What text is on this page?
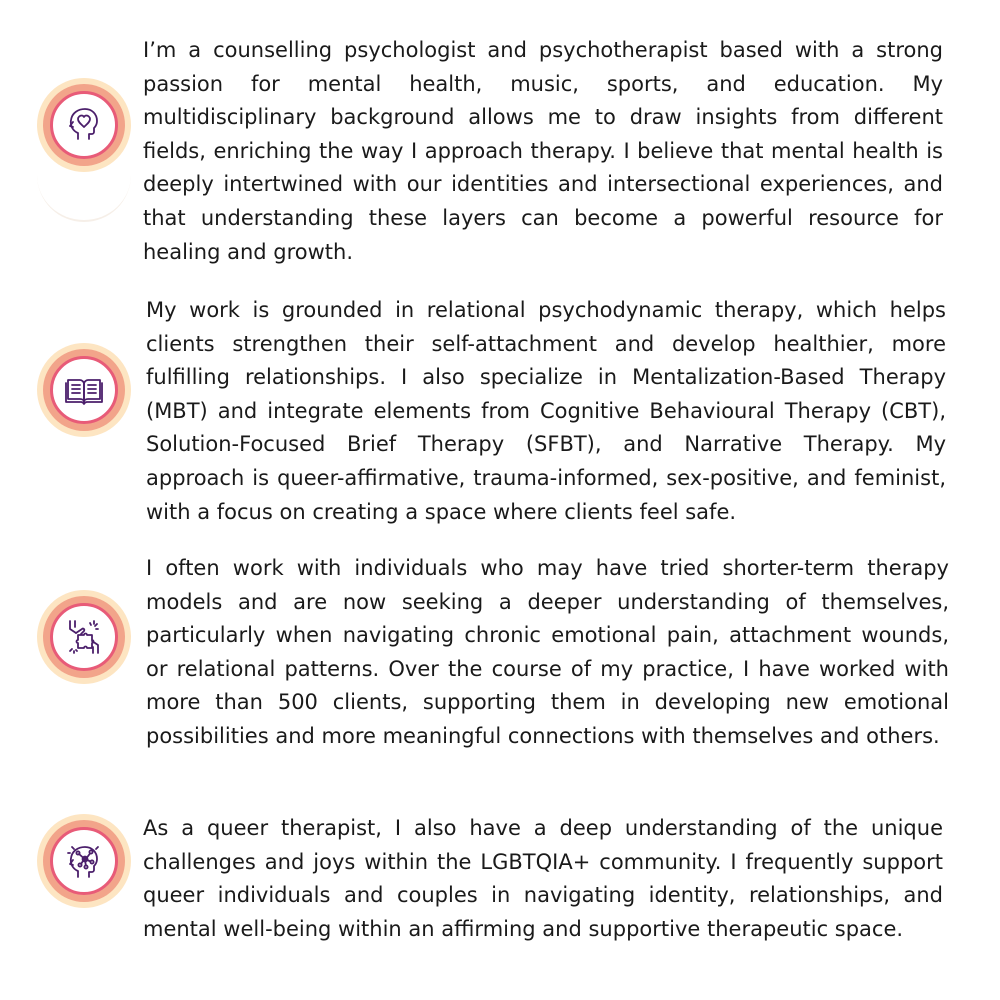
I’m a counselling psychologist and psychotherapist based with a strong passion for mental health, music, sports, and education. My multidisciplinary background allows me to draw insights from different fields, enriching the way I approach therapy. I believe that mental health is deeply intertwined with our identities and intersectional experiences, and that understanding these layers can become a powerful resource for healing and growth.

My work is grounded in relational psychodynamic therapy, which helps clients strengthen their self-attachment and develop healthier, more fulfilling relationships. I also specialize in Mentalization-Based Therapy (MBT) and integrate elements from Cognitive Behavioural Therapy (CBT), Solution-Focused Brief Therapy (SFBT), and Narrative Therapy. My approach is queer-affirmative, trauma-informed, sex-positive, and feminist, with a focus on creating a space where clients feel safe.

I often work with individuals who may have tried shorter-term therapy models and are now seeking a deeper understanding of themselves, particularly when navigating chronic emotional pain, attachment wounds, or relational patterns. Over the course of my practice, I have worked with more than 500 clients, supporting them in developing new emotional possibilities and more meaningful connections with themselves and others.

As a queer therapist, I also have a deep understanding of the unique challenges and joys within the LGBTQIA+ community. I frequently support queer individuals and couples in navigating identity, relationships, and mental well-being within an affirming and supportive therapeutic space.
